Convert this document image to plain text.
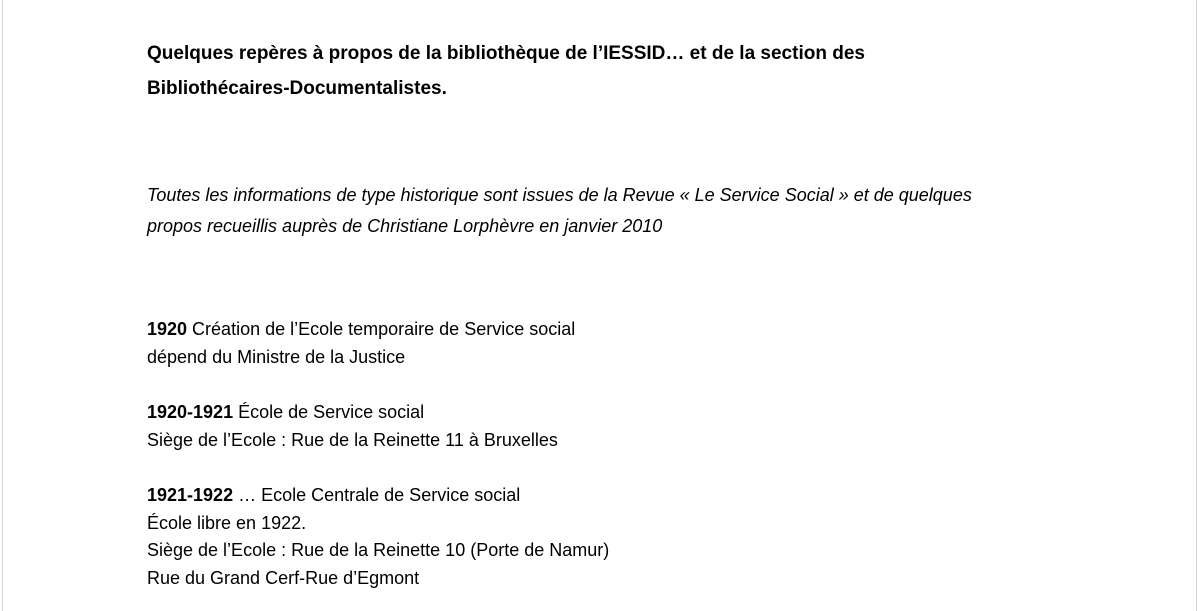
Quelques repères à propos de la bibliothèque de l’IESSID… et de la section des
Bibliothécaires-Documentalistes.

Toutes les informations de type historique sont issues de la Revue « Le Service Social » et de quelques
propos recueillis auprès de Christiane Lorphèvre en janvier 2010

1920 Création de l’Ecole temporaire de Service social
dépend du Ministre de la Justice

1920-1921 École de Service social
Siège de l’Ecole : Rue de la Reinette 11 à Bruxelles

1921-1922 … Ecole Centrale de Service social
École libre en 1922.
Siège de l’Ecole : Rue de la Reinette 10 (Porte de Namur)
Rue du Grand Cerf-Rue d’Egmont
